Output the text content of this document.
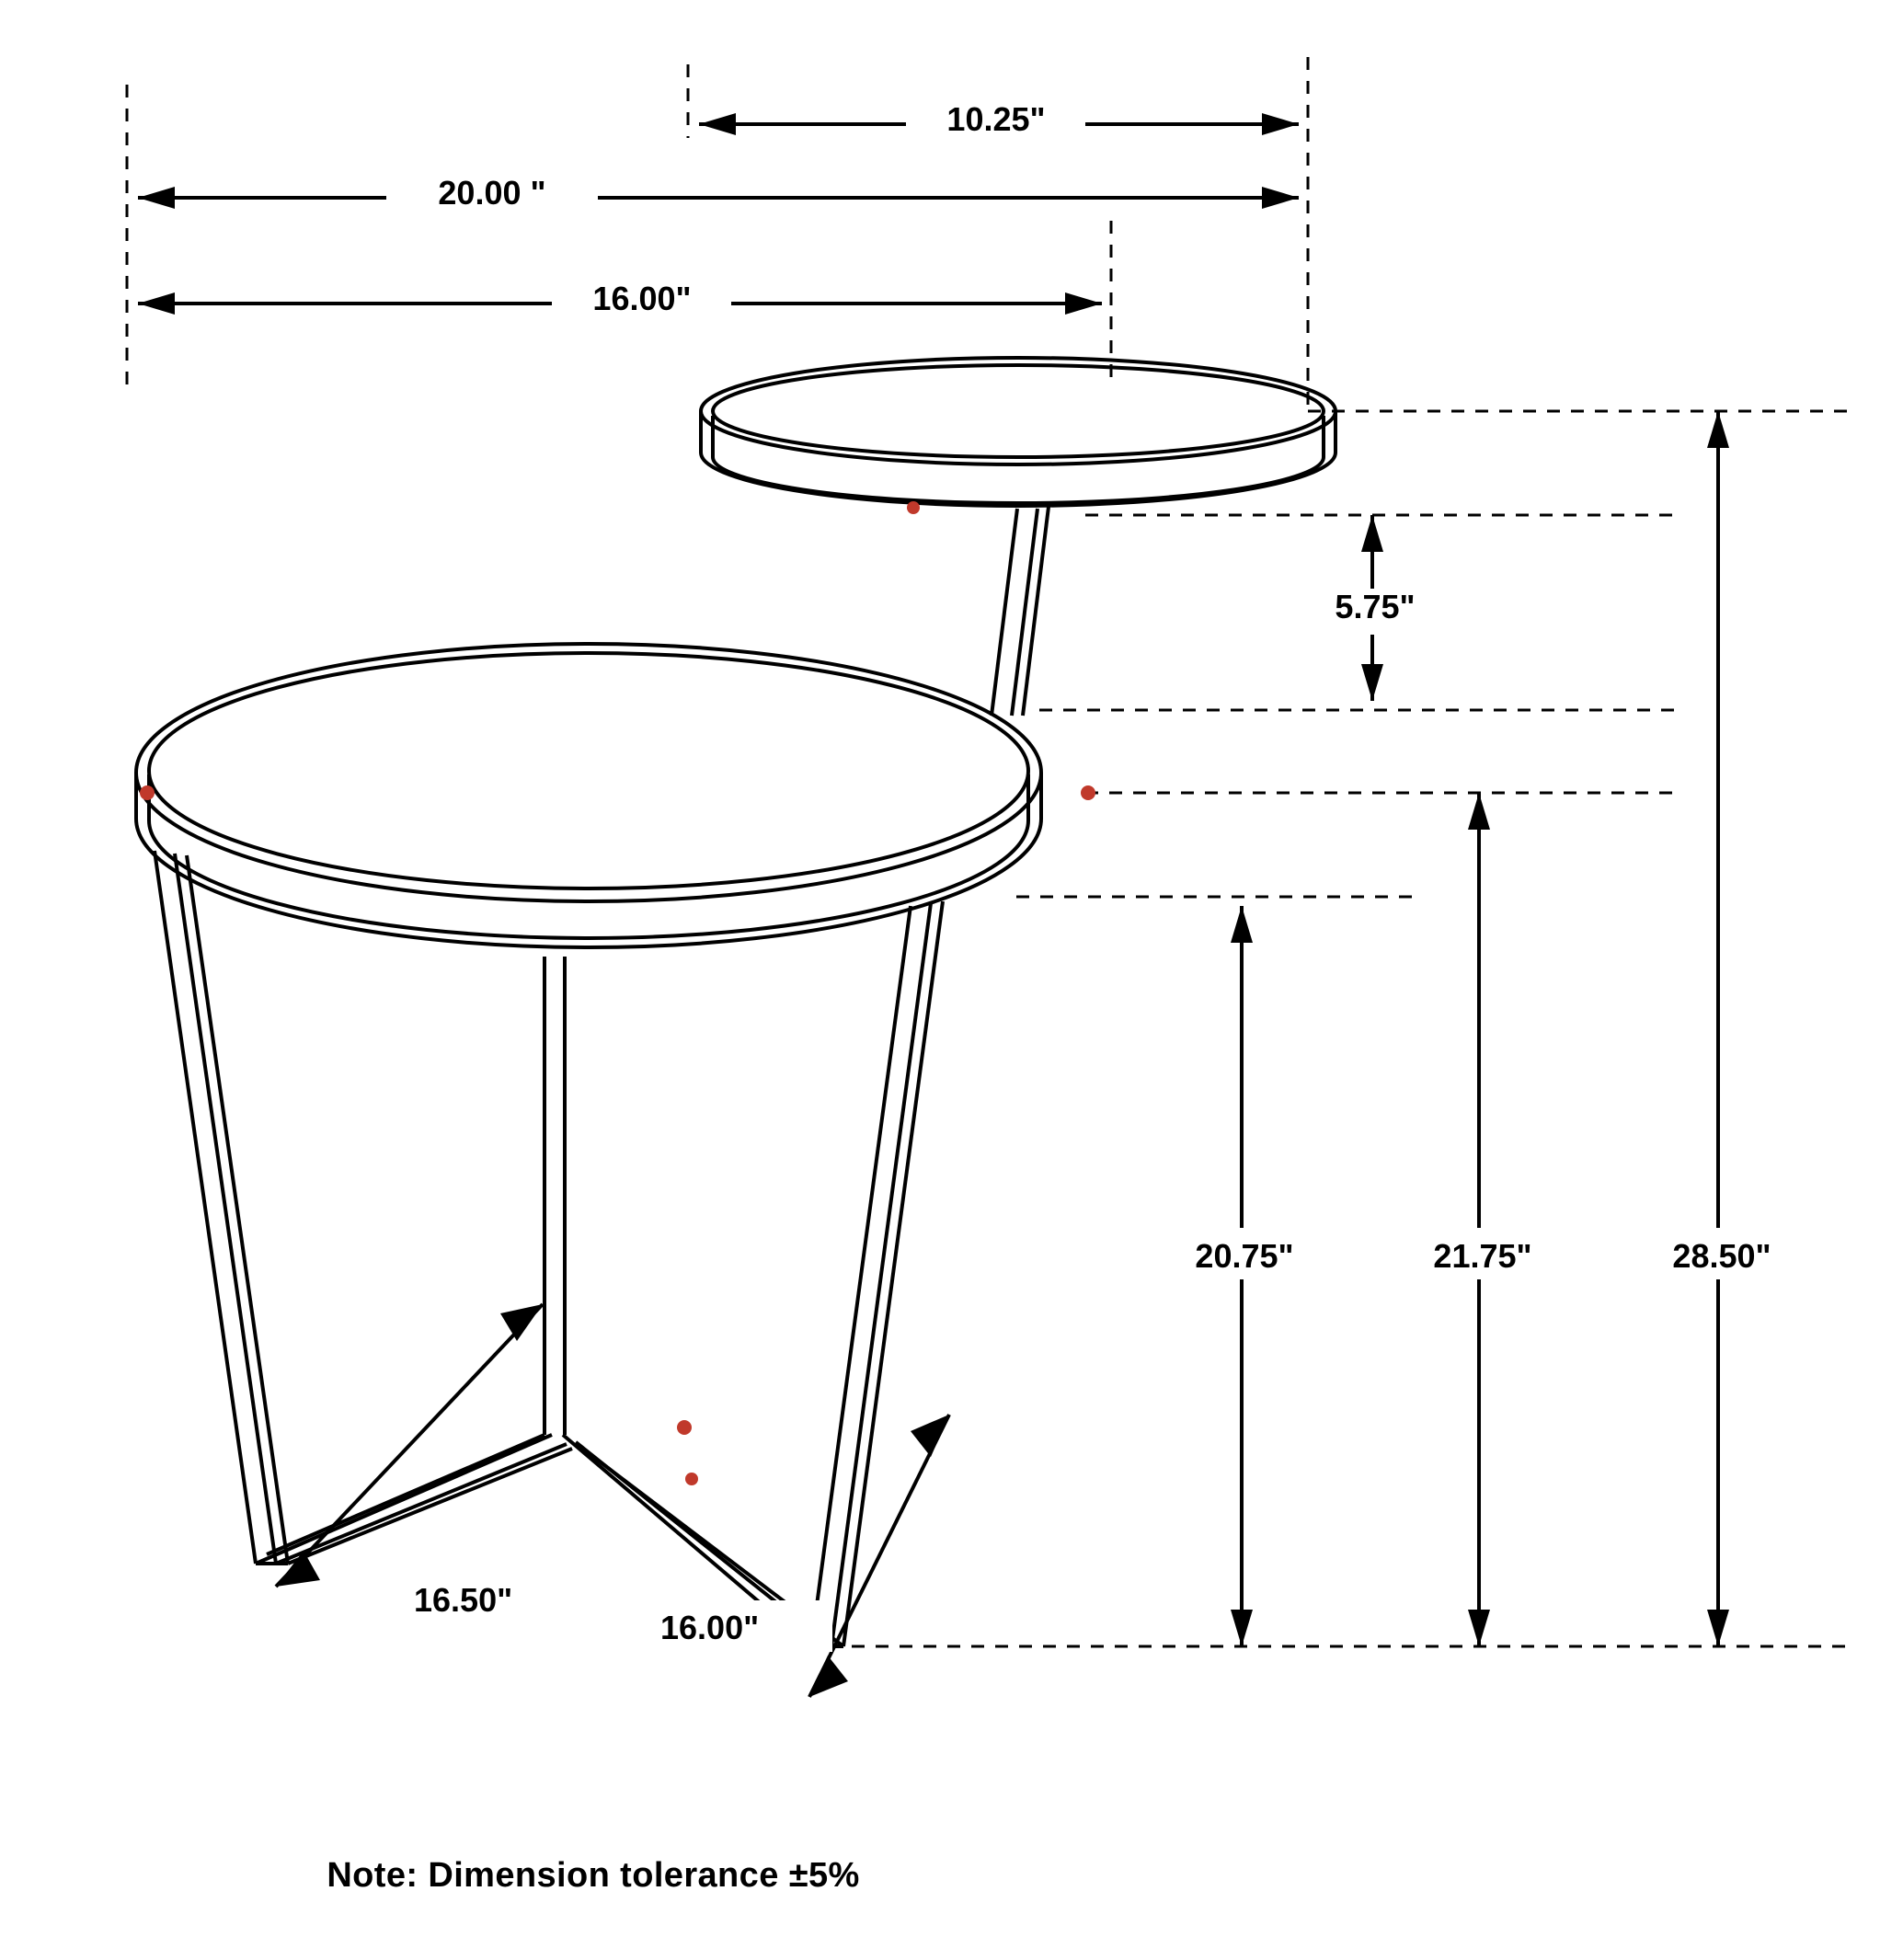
20.00 "
10.25"
16.00"
5.75"
20.75"	21.75"	28.50"
16.50"
16.00"
Note: Dimension tolerance ±5%
